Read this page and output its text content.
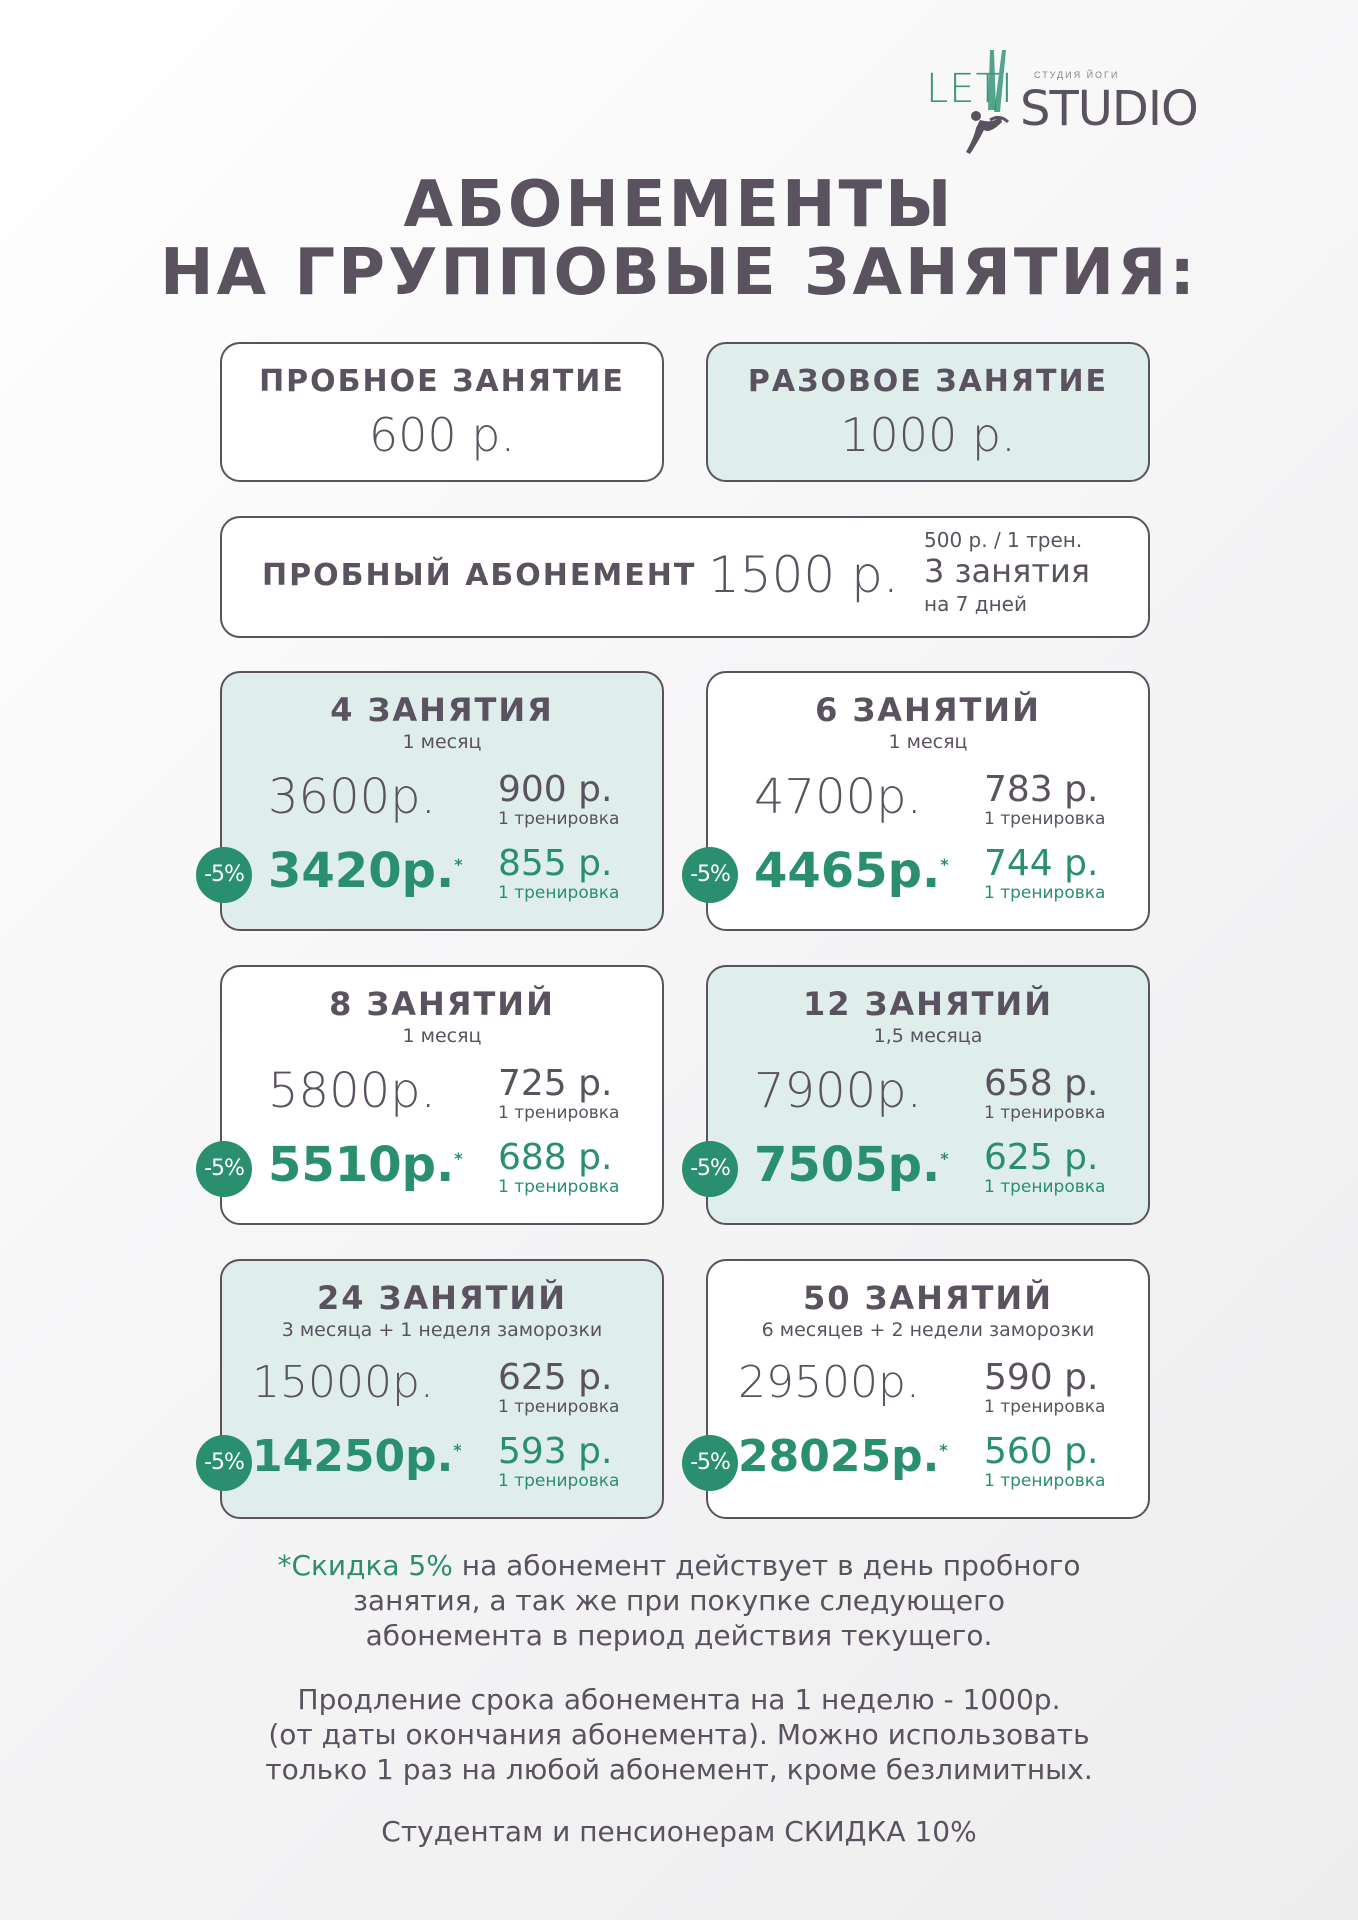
LETI СТУДИЯ ЙОГИ
STUDIO
АБОНЕМЕНТЫ
НА ГРУППОВЫЕ ЗАНЯТИЯ:
ПРОБНОЕ ЗАНЯТИЕ
600 р.
РАЗОВОЕ ЗАНЯТИЕ
1000 р.
ПРОБНЫЙ АБОНЕМЕНТ 1500 р.
500 р. / 1 трен.
3 занятия
на 7 дней
4 ЗАНЯТИЯ
1 месяц
3600р. 900 р.
1 тренировка
3420р.* 855 р.
1 тренировка
-5%
6 ЗАНЯТИЙ
1 месяц
4700р. 783 р.
1 тренировка
4465р.* 744 р.
1 тренировка
-5%
8 ЗАНЯТИЙ
1 месяц
5800р. 725 р.
1 тренировка
5510р.* 688 р.
1 тренировка
-5%
12 ЗАНЯТИЙ
1,5 месяца
7900р. 658 р.
1 тренировка
7505р.* 625 р.
1 тренировка
-5%
24 ЗАНЯТИЙ
3 месяца + 1 неделя заморозки
15000р. 625 р.
1 тренировка
14250р.* 593 р.
1 тренировка
-5%
50 ЗАНЯТИЙ
6 месяцев + 2 недели заморозки
29500р. 590 р.
1 тренировка
28025р.* 560 р.
1 тренировка
-5%
*Скидка 5% на абонемент действует в день пробного
занятия, а так же при покупке следующего
абонемента в период действия текущего.
Продление срока абонемента на 1 неделю - 1000р.
(от даты окончания абонемента). Можно использовать
только 1 раз на любой абонемент, кроме безлимитных.
Студентам и пенсионерам СКИДКА 10%
